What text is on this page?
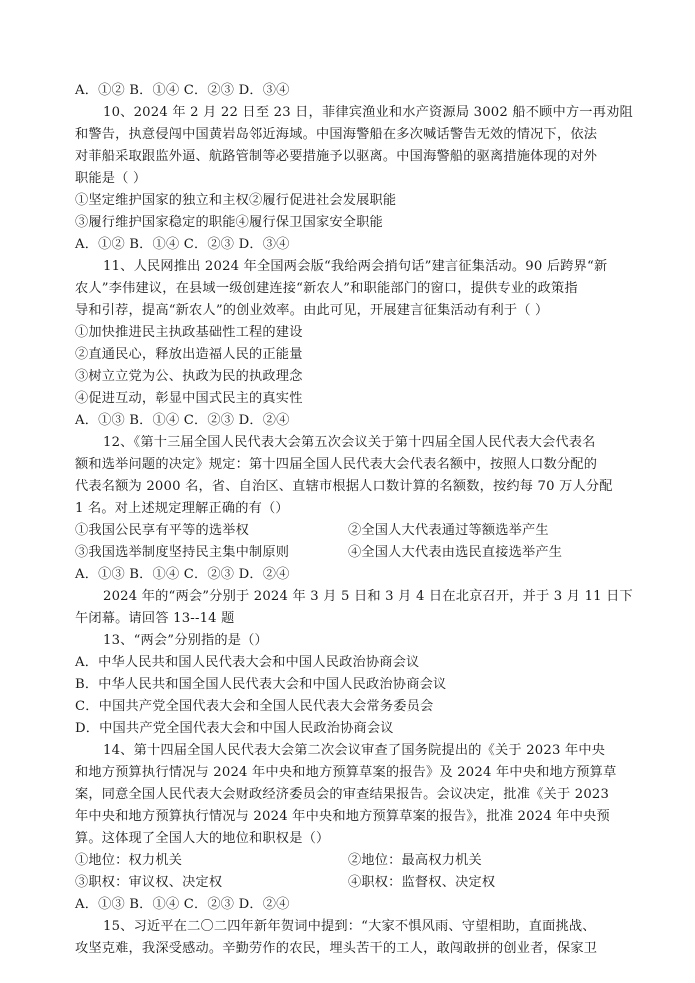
A．①② B．①④ C．②③ D．③④
10、2024 年 2 月 22 日至 23 日，菲律宾渔业和水产资源局 3002 船不顾中方一再劝阻
和警告，执意侵闯中国黄岩岛邻近海域。中国海警船在多次喊话警告无效的情况下，依法
对菲船采取跟监外逼、航路管制等必要措施予以驱离。中国海警船的驱离措施体现的对外
职能是（ ）
①坚定维护国家的独立和主权②履行促进社会发展职能
③履行维护国家稳定的职能④履行保卫国家安全职能
A．①② B．①④ C．②③ D．③④
11、人民网推出 2024 年全国两会版“我给两会捎句话”建言征集活动。90 后跨界“新
农人”李伟建议，在县域一级创建连接“新农人”和职能部门的窗口，提供专业的政策指
导和引荐，提高“新农人”的创业效率。由此可见，开展建言征集活动有利于（ ）
①加快推进民主执政基础性工程的建设
②直通民心，释放出造福人民的正能量
③树立立党为公、执政为民的执政理念
④促进互动，彰显中国式民主的真实性
A．①③ B．①④ C．②③ D．②④
12、《第十三届全国人民代表大会第五次会议关于第十四届全国人民代表大会代表名
额和选举问题的决定》规定：第十四届全国人民代表大会代表名额中，按照人口数分配的
代表名额为 2000 名，省、自治区、直辖市根据人口数计算的名额数，按约每 70 万人分配
1 名。对上述规定理解正确的有（）
①我国公民享有平等的选举权	②全国人大代表通过等额选举产生
③我国选举制度坚持民主集中制原则	④全国人大代表由选民直接选举产生
A．①③ B．①④ C．②③ D．②④
2024 年的“两会”分别于 2024 年 3 月 5 日和 3 月 4 日在北京召开，并于 3 月 11 日下
午闭幕。请回答 13--14 题
13、“两会”分别指的是（）
A．中华人民共和国人民代表大会和中国人民政治协商会议
B．中华人民共和国全国人民代表大会和中国人民政治协商会议
C．中国共产党全国代表大会和全国人民代表大会常务委员会
D．中国共产党全国代表大会和中国人民政治协商会议
14、第十四届全国人民代表大会第二次会议审查了国务院提出的《关于 2023 年中央
和地方预算执行情况与 2024 年中央和地方预算草案的报告》及 2024 年中央和地方预算草
案，同意全国人民代表大会财政经济委员会的审查结果报告。会议决定，批准《关于 2023
年中央和地方预算执行情况与 2024 年中央和地方预算草案的报告》，批准 2024 年中央预
算。这体现了全国人大的地位和职权是（）
①地位：权力机关	②地位：最高权力机关
③职权：审议权、决定权	④职权：监督权、决定权
A．①③ B．①④ C．②③ D．②④
15、习近平在二〇二四年新年贺词中提到：“大家不惧风雨、守望相助，直面挑战、
攻坚克难，我深受感动。辛勤劳作的农民，埋头苦干的工人，敢闯敢拼的创业者，保家卫
